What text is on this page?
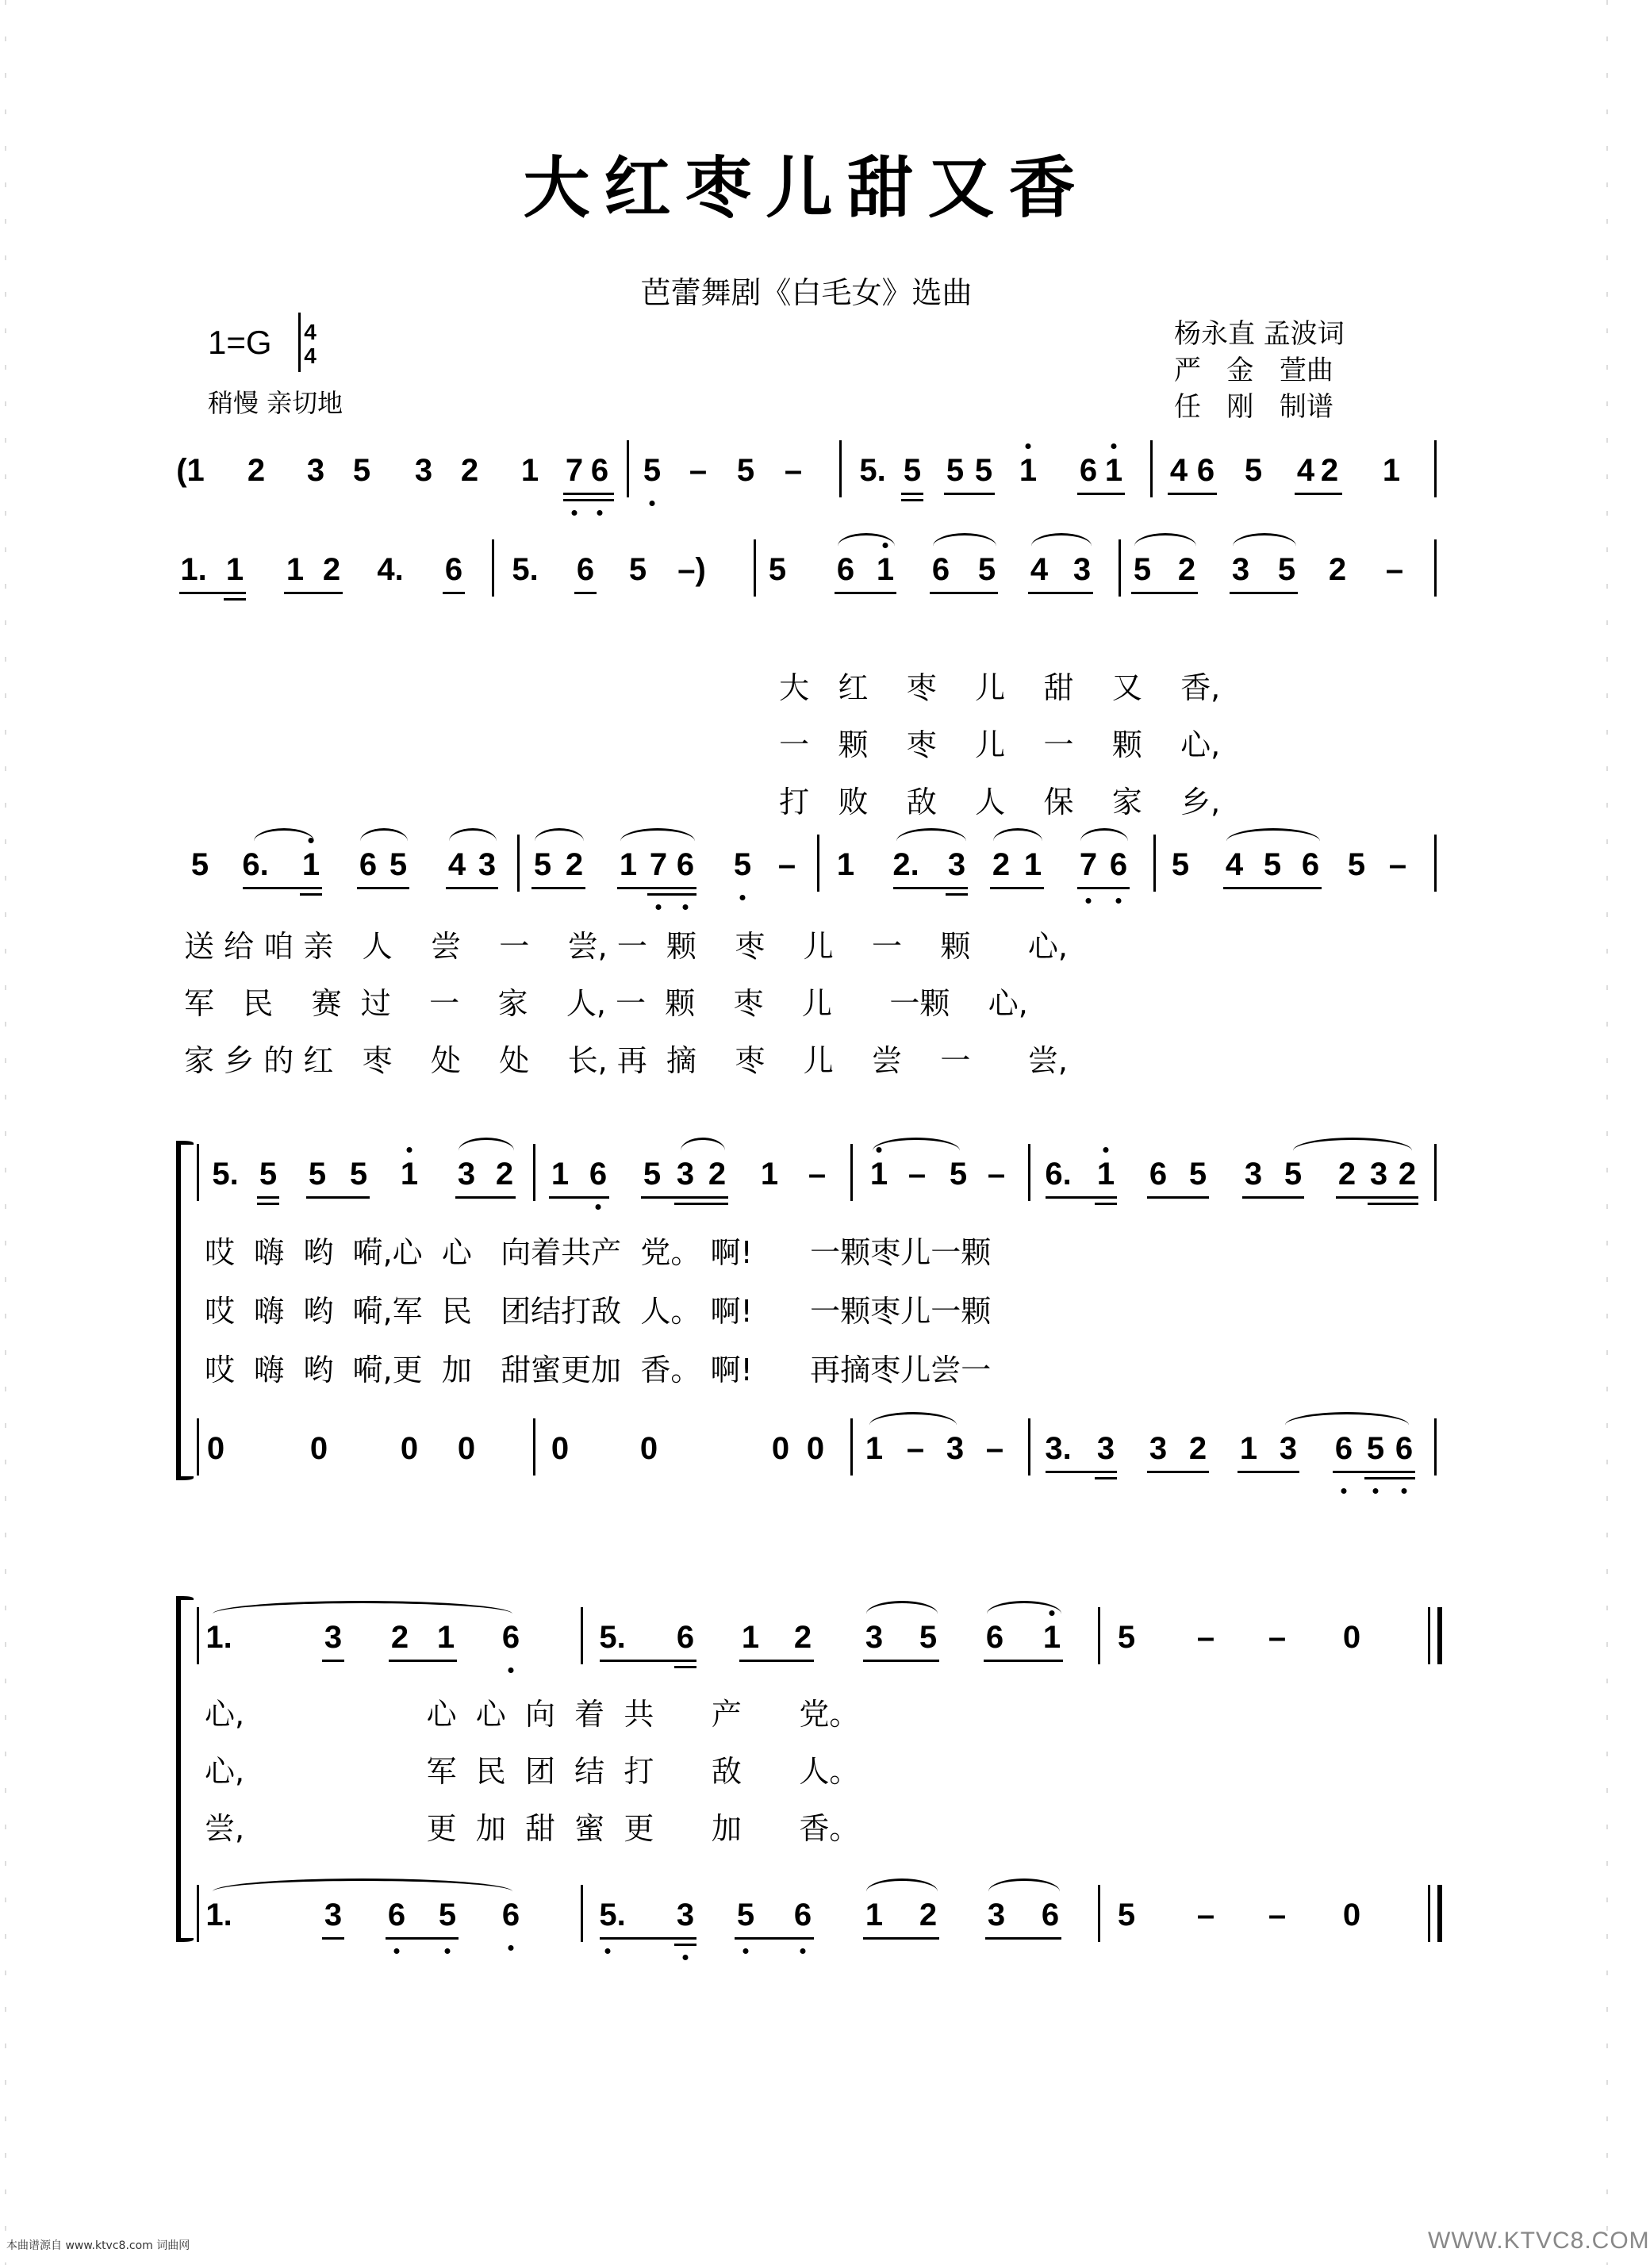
大红枣儿甜又香
芭蕾舞剧《白毛女》选曲
1=G 4
4
稍慢 亲切地
杨永直 孟波词
严   金   萱曲
任   刚   制谱
(1 2 3 5 3 2 1 7 6 5 – 5 – 5. 5 5 5 1 6 1 4 6 5 4 2 1
1. 1 1 2 4. 6 5. 6 5 –) 5 6 1 6 5 4 3 5 2 3 5 2 –

大 红 枣 儿 甜 又 香,

一 颗 枣 儿 一 颗 心,

打 败 敌 人 保 家 乡,

5 6. 1 6 5 4 3 5 2 1 7 6 5 – 1 2. 3 2 1 7 6 5 4 5 6 5 –
送 给 咱 亲 人 尝 一 尝, 一 颗 枣 儿 一 颗 心,
军 民 赛 过 一 家 人, 一 颗 枣 儿 一颗 心,
家 乡 的 红 枣 处 处 长, 再 摘 枣 儿 尝 一 尝,
5. 5 5 5 1 3 2 1 6 5 3 2 1 – 1 – 5 – 6. 1 6 5 3 5 2 3 2
哎 嗨 哟 嗬,心 心 向着共产 党。 啊! 一颗枣儿一颗
哎 嗨 哟 嗬,军 民 团结打敌 人。 啊! 一颗枣儿一颗
哎 嗨 哟 嗬,更 加 甜蜜更加 香。 啊! 再摘枣儿尝一
0	0 0 0 0 0	0 0 1 – 3 – 3. 3 3 2 1 3 6 5 6
1.	3 2 1 6	5. 6 1 2 3 5 6 1 5 – – 0
心,	心 心 向 着 共 产 党。
心,	军 民 团 结 打 敌 人。
尝,	更 加 甜 蜜 更 加 香。
1.	3 6 5 6	5. 3 5 6 1 2 3 6 5 – – 0
本曲谱源自 www.ktvc8.com 词曲网	WWW.KTVC8.COM
